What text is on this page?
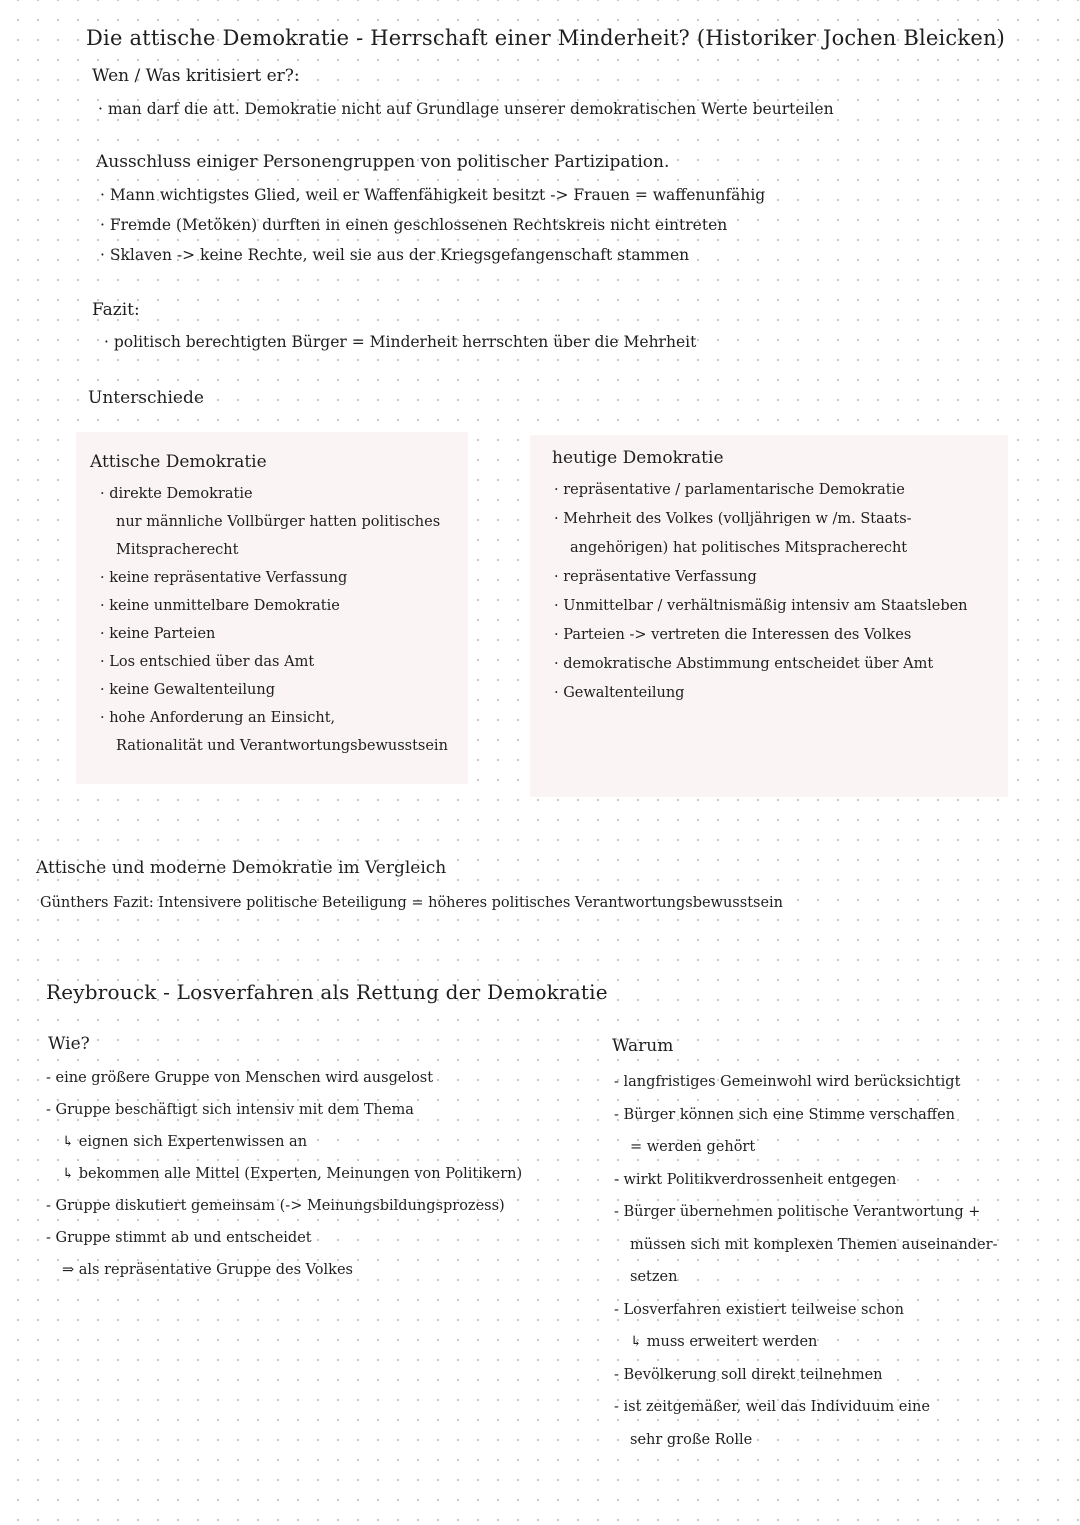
Die attische Demokratie - Herrschaft einer Minderheit? (Historiker Jochen Bleicken)
Wen / Was kritisiert er?:
· man darf die att. Demokratie nicht auf Grundlage unserer demokratischen Werte beurteilen
Ausschluss einiger Personengruppen von politischer Partizipation.
· Mann wichtigstes Glied, weil er Waffenfähigkeit besitzt -> Frauen = waffenunfähig
· Fremde (Metöken) durften in einen geschlossenen Rechtskreis nicht eintreten
· Sklaven -> keine Rechte, weil sie aus der Kriegsgefangenschaft stammen
Fazit:
· politisch berechtigten Bürger = Minderheit herrschten über die Mehrheit
Unterschiede
Attische Demokratie
· direkte Demokratie
nur männliche Vollbürger hatten politisches
Mitspracherecht
· keine repräsentative Verfassung
· keine unmittelbare Demokratie
· keine Parteien
· Los entschied über das Amt
· keine Gewaltenteilung
· hohe Anforderung an Einsicht,
Rationalität und Verantwortungsbewusstsein
heutige Demokratie
· repräsentative / parlamentarische Demokratie
· Mehrheit des Volkes (volljährigen w /m. Staats-
angehörigen) hat politisches Mitspracherecht
· repräsentative Verfassung
· Unmittelbar / verhältnismäßig intensiv am Staatsleben
· Parteien -> vertreten die Interessen des Volkes
· demokratische Abstimmung entscheidet über Amt
· Gewaltenteilung
Attische und moderne Demokratie im Vergleich
Günthers Fazit: Intensivere politische Beteiligung = höheres politisches Verantwortungsbewusstsein
Reybrouck - Losverfahren als Rettung der Demokratie
Wie?
- eine größere Gruppe von Menschen wird ausgelost
- Gruppe beschäftigt sich intensiv mit dem Thema
↳ eignen sich Expertenwissen an
↳ bekommen alle Mittel (Experten, Meinungen von Politikern)
- Gruppe diskutiert gemeinsam (-> Meinungsbildungsprozess)
- Gruppe stimmt ab und entscheidet
⇒ als repräsentative Gruppe des Volkes
Warum
- langfristiges Gemeinwohl wird berücksichtigt
- Bürger können sich eine Stimme verschaffen
= werden gehört
- wirkt Politikverdrossenheit entgegen
- Bürger übernehmen politische Verantwortung +
müssen sich mit komplexen Themen auseinander-
setzen
- Losverfahren existiert teilweise schon
↳ muss erweitert werden
- Bevölkerung soll direkt teilnehmen
- ist zeitgemäßer, weil das Individuum eine
sehr große Rolle
